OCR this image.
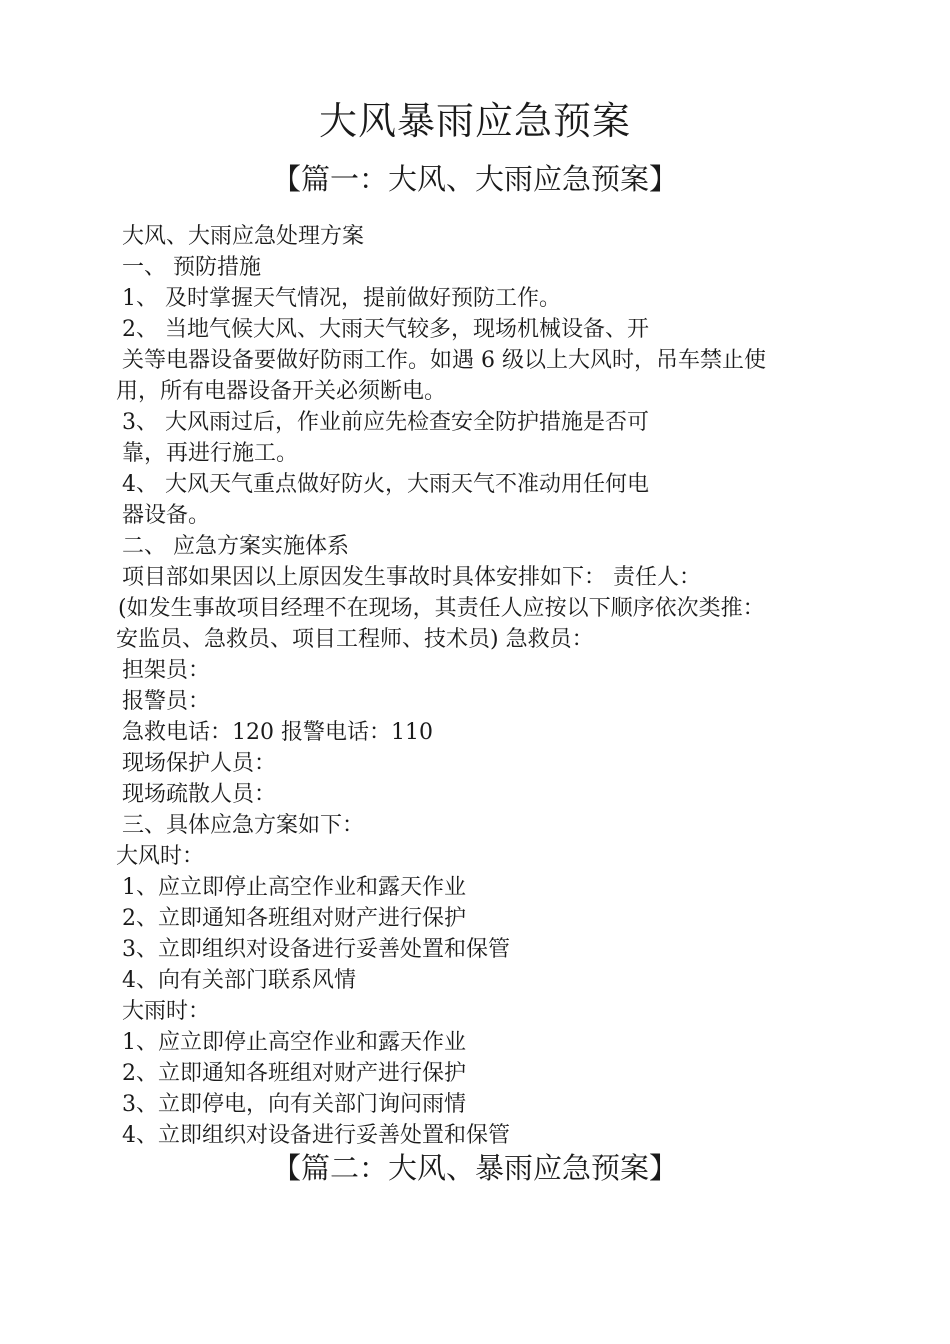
大风暴雨应急预案
【篇一：大风、大雨应急预案】
大风、大雨应急处理方案
一、 预防措施
1、 及时掌握天气情况，提前做好预防工作。
2、 当地气候大风、大雨天气较多，现场机械设备、开
关等电器设备要做好防雨工作。如遇 6 级以上大风时，吊车禁止使
用，所有电器设备开关必须断电。
3、 大风雨过后，作业前应先检查安全防护措施是否可
靠，再进行施工。
4、 大风天气重点做好防火，大雨天气不准动用任何电
器设备。
二、 应急方案实施体系
项目部如果因以上原因发生事故时具体安排如下： 责任人：
(如发生事故项目经理不在现场，其责任人应按以下顺序依次类推：
安监员、急救员、项目工程师、技术员) 急救员：
担架员：
报警员：
急救电话：120 报警电话：110
现场保护人员：
现场疏散人员：
三、具体应急方案如下：
大风时：
1、应立即停止高空作业和露天作业
2、立即通知各班组对财产进行保护
3、立即组织对设备进行妥善处置和保管
4、向有关部门联系风情
大雨时：
1、应立即停止高空作业和露天作业
2、立即通知各班组对财产进行保护
3、立即停电，向有关部门询问雨情
4、立即组织对设备进行妥善处置和保管
【篇二：大风、暴雨应急预案】
